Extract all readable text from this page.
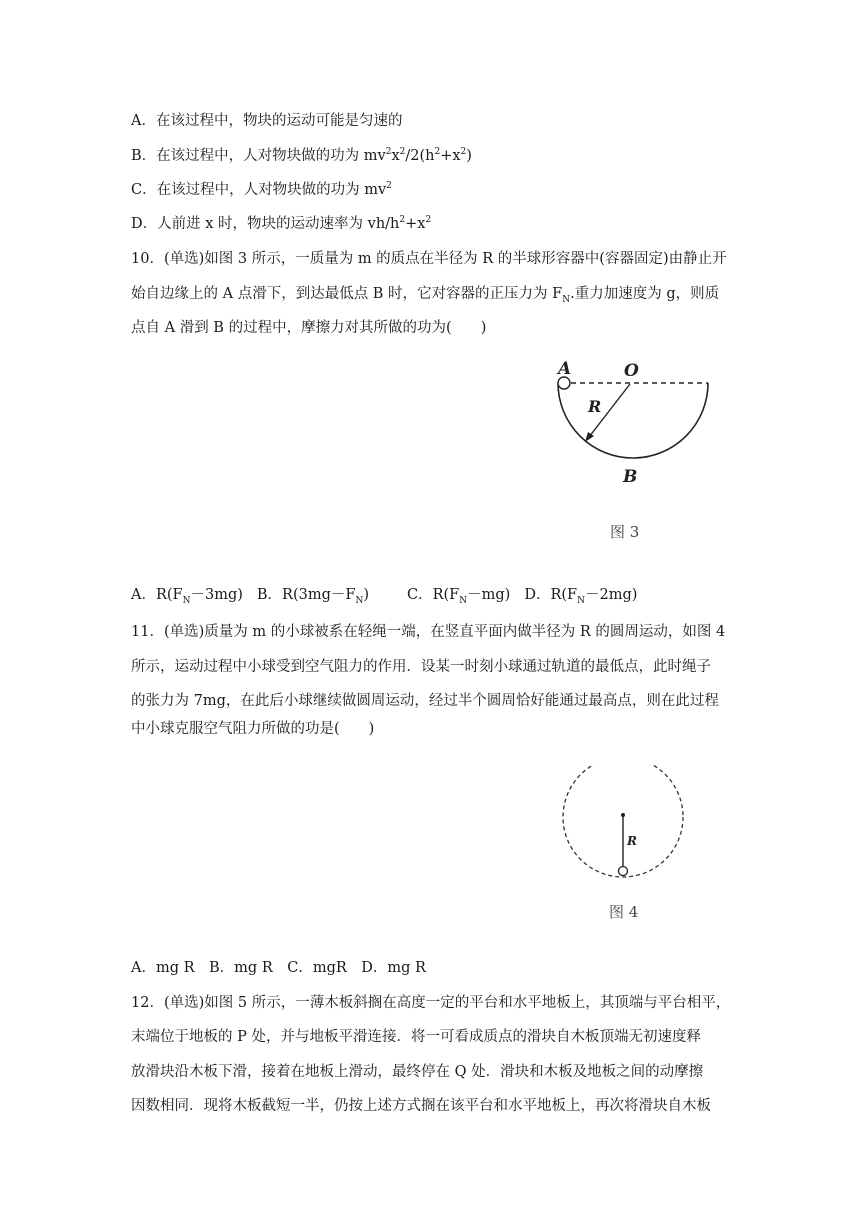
A．在该过程中，物块的运动可能是匀速的
B．在该过程中，人对物块做的功为 $mv^2x^2/2(h^2+x^2)$
C．在该过程中，人对物块做的功为 $mv^2$
D．人前进 x 时，物块的运动速率为 $vh/h^2+x^2$
10．(单选)如图 3 所示，一质量为 m 的质点在半径为 R 的半球形容器中(容器固定)由静止开
始自边缘上的 A 点滑下，到达最低点 B 时，它对容器的正压力为 $F_N$.重力加速度为 g，则质
点自 A 滑到 B 的过程中，摩擦力对其所做的功为(　　)
A	O
R
B
图 3
A．$R(F_N-3mg)$ B．$R(3mg-F_N)$	C．$R(F_N-mg)$ D．$R(F_N-2mg)$
11．(单选)质量为 m 的小球被系在轻绳一端，在竖直平面内做半径为 R 的圆周运动，如图 4
所示，运动过程中小球受到空气阻力的作用．设某一时刻小球通过轨道的最低点，此时绳子
的张力为 7mg，在此后小球继续做圆周运动，经过半个圆周恰好能通过最高点，则在此过程
中小球克服空气阻力所做的功是(　　)
R
图 4
A．mg R　B．mg R　C．mgR　D．mg R
12．(单选)如图 5 所示，一薄木板斜搁在高度一定的平台和水平地板上，其顶端与平台相平，
末端位于地板的 P 处，并与地板平滑连接．将一可看成质点的滑块自木板顶端无初速度释
放滑块沿木板下滑，接着在地板上滑动，最终停在 Q 处．滑块和木板及地板之间的动摩擦
因数相同．现将木板截短一半，仍按上述方式搁在该平台和水平地板上，再次将滑块自木板
